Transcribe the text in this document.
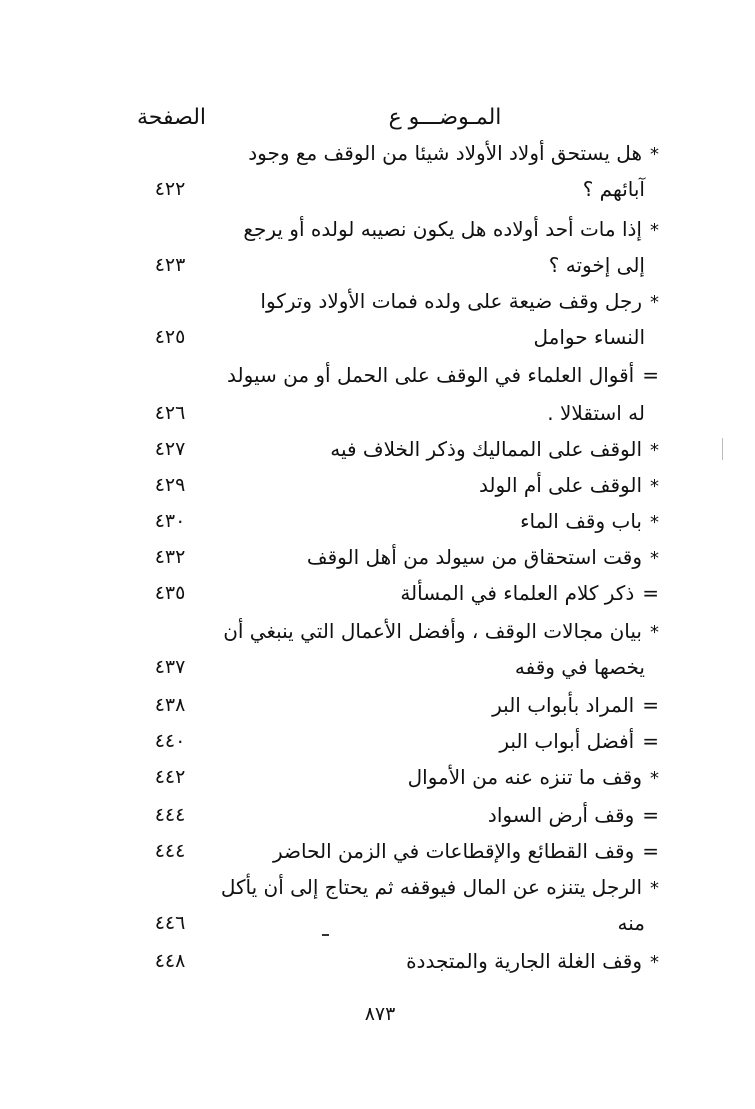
المـوضـــو ع
الصفحة
*هل يستحق أولاد الأولاد شيئا من الوقف مع وجود
آبائهم ؟
٤٢٢
*إذا مات أحد أولاده هل يكون نصيبه لولده أو يرجع
إلى إخوته ؟
٤٢٣
*رجل وقف ضيعة على ولده فمات الأولاد وتركوا
النساء حوامل
٤٢٥
=أقوال العلماء في الوقف على الحمل أو من سيولد
له استقلالا .
٤٢٦
*الوقف على المماليك وذكر الخلاف فيه
٤٢٧
*الوقف على أم الولد
٤٢٩
*باب وقف الماء
٤٣٠
*وقت استحقاق من سيولد من أهل الوقف
٤٣٢
=ذكر كلام العلماء في المسألة
٤٣٥
*بيان مجالات الوقف ، وأفضل الأعمال التي ينبغي أن
يخصها في وقفه
٤٣٧
=المراد بأبواب البر
٤٣٨
=أفضل أبواب البر
٤٤٠
*وقف ما تنزه عنه من الأموال
٤٤٢
=وقف أرض السواد
٤٤٤
=وقف القطائع والإقطاعات في الزمن الحاضر
٤٤٤
*الرجل يتنزه عن المال فيوقفه ثم يحتاج إلى أن يأكل
منه
٤٤٦
*وقف الغلة الجارية والمتجددة
٤٤٨
٨٧٣
